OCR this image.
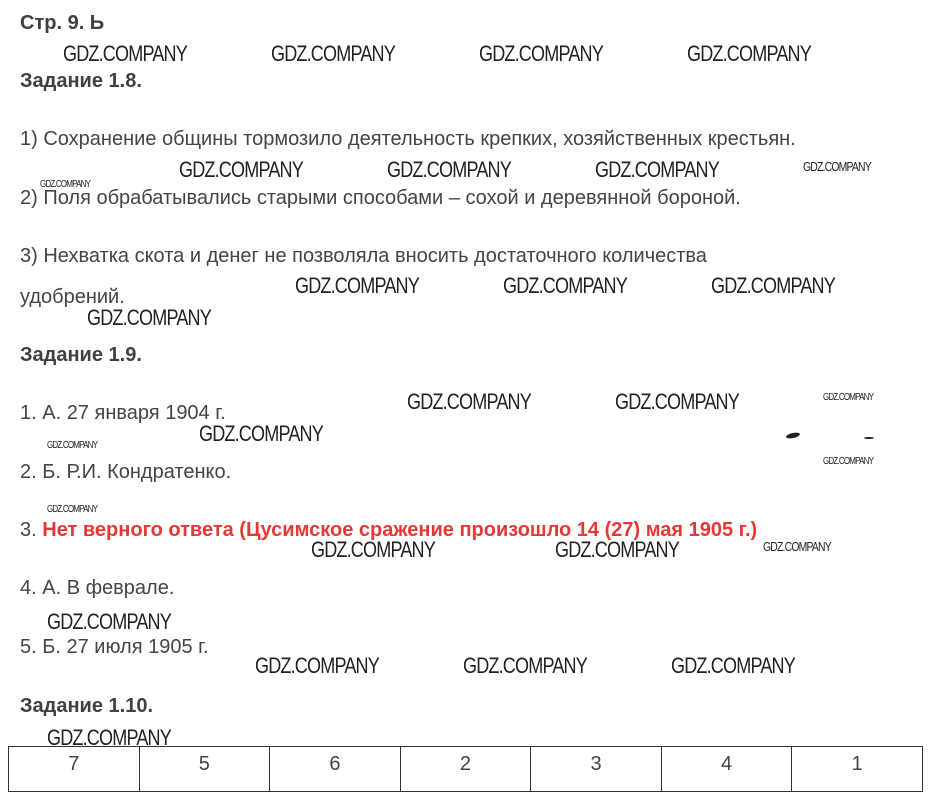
Стр. 9. Ь
Задание 1.8.
1) Сохранение общины тормозило деятельность крепких, хозяйственных крестьян.
2) Поля обрабатывались старыми способами – сохой и деревянной бороной.
3) Нехватка скота и денег не позволяла вносить достаточного количества
удобрений.
Задание 1.9.
1. А. 27 января 1904 г.
2. Б. Р.И. Кондратенко.
3. Нет верного ответа (Цусимское сражение произошло 14 (27) мая 1905 г.)
4. А. В феврале.
5. Б. 27 июля 1905 г.
Задание 1.10.
7	5	6	2	3	4	1
GDZ.COMPANY	GDZ.COMPANY	GDZ.COMPANY	GDZ.COMPANY
GDZ.COMPANY	GDZ.COMPANY	GDZ.COMPANY	GDZ.COMPANY
GDZ.COMPANY
GDZ.COMPANY	GDZ.COMPANY	GDZ.COMPANY
GDZ.COMPANY
GDZ.COMPANY	GDZ.COMPANY	GDZ.COMPANY
GDZ.COMPANY
GDZ.COMPANY
GDZ.COMPANY
GDZ.COMPANY
GDZ.COMPANY	GDZ.COMPANY	GDZ.COMPANY
GDZ.COMPANY
GDZ.COMPANY	GDZ.COMPANY	GDZ.COMPANY
GDZ.COMPANY
